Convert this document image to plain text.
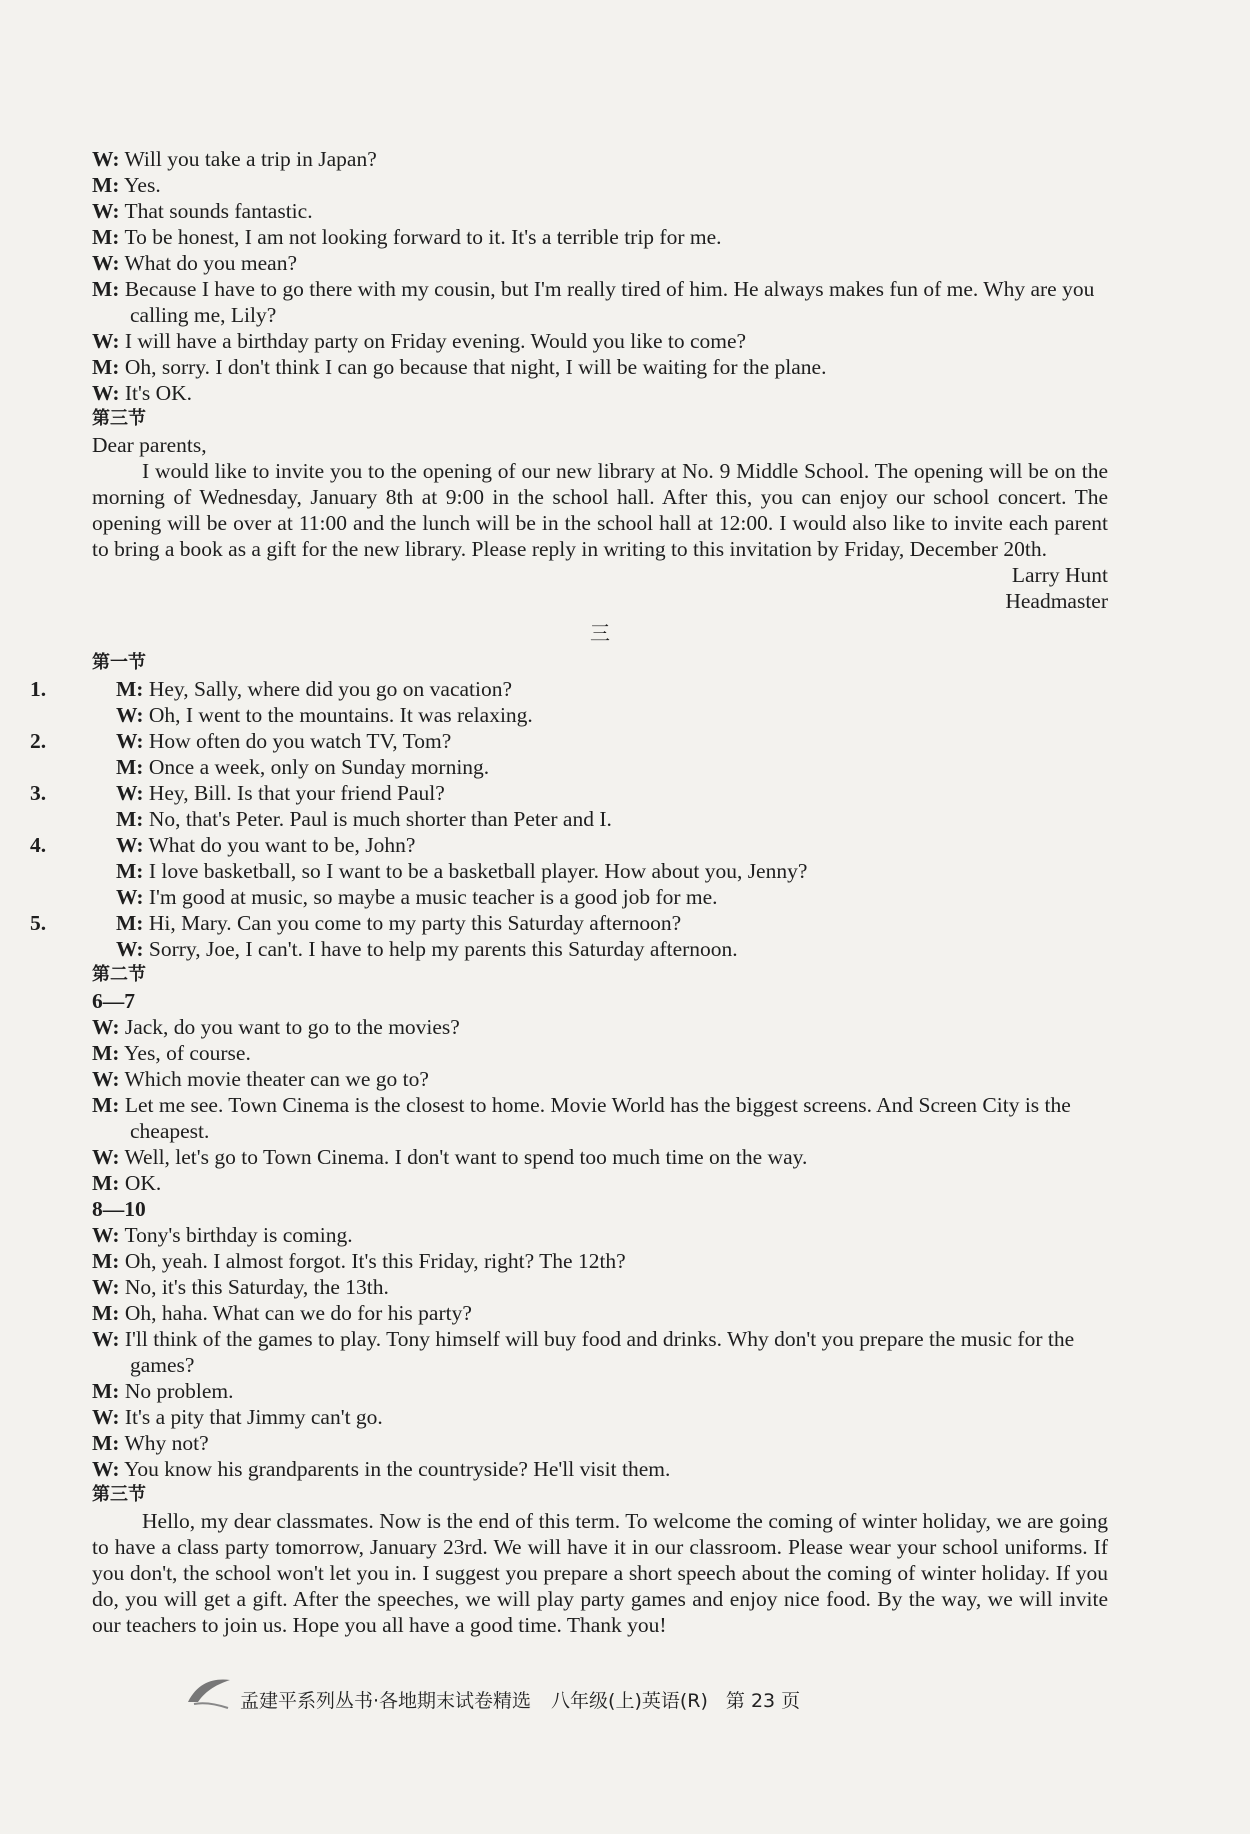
W: Will you take a trip in Japan?

M: Yes.

W: That sounds fantastic.

M: To be honest, I am not looking forward to it. It's a terrible trip for me.

W: What do you mean?

M: Because I have to go there with my cousin, but I'm really tired of him. He always makes fun of me. Why are you calling me, Lily?

W: I will have a birthday party on Friday evening. Would you like to come?

M: Oh, sorry. I don't think I can go because that night, I will be waiting for the plane.

W: It's OK.

第三节

Dear parents,

I would like to invite you to the opening of our new library at No. 9 Middle School. The opening will be on the morning of Wednesday, January 8th at 9:00 in the school hall. After this, you can enjoy our school concert. The opening will be over at 11:00 and the lunch will be in the school hall at 12:00. I would also like to invite each parent to bring a book as a gift for the new library. Please reply in writing to this invitation by Friday, December 20th.

Larry Hunt

Headmaster

三

第一节

1.	M: Hey, Sally, where did you go on vacation?

W: Oh, I went to the mountains. It was relaxing.

2.	W: How often do you watch TV, Tom?

M: Once a week, only on Sunday morning.

3.	W: Hey, Bill. Is that your friend Paul?

M: No, that's Peter. Paul is much shorter than Peter and I.

4.	W: What do you want to be, John?

M: I love basketball, so I want to be a basketball player. How about you, Jenny?

W: I'm good at music, so maybe a music teacher is a good job for me.

5.	M: Hi, Mary. Can you come to my party this Saturday afternoon?

W: Sorry, Joe, I can't. I have to help my parents this Saturday afternoon.

第二节

6—7

W: Jack, do you want to go to the movies?

M: Yes, of course.

W: Which movie theater can we go to?

M: Let me see. Town Cinema is the closest to home. Movie World has the biggest screens. And Screen City is the cheapest.

W: Well, let's go to Town Cinema. I don't want to spend too much time on the way.

M: OK.

8—10

W: Tony's birthday is coming.

M: Oh, yeah. I almost forgot. It's this Friday, right? The 12th?

W: No, it's this Saturday, the 13th.

M: Oh, haha. What can we do for his party?

W: I'll think of the games to play. Tony himself will buy food and drinks. Why don't you prepare the music for the games?

M: No problem.

W: It's a pity that Jimmy can't go.

M: Why not?

W: You know his grandparents in the countryside? He'll visit them.

第三节

Hello, my dear classmates. Now is the end of this term. To welcome the coming of winter holiday, we are going to have a class party tomorrow, January 23rd. We will have it in our classroom. Please wear your school uniforms. If you don't, the school won't let you in. I suggest you prepare a short speech about the coming of winter holiday. If you do, you will get a gift. After the speeches, we will play party games and enjoy nice food. By the way, we will invite our teachers to join us. Hope you all have a good time. Thank you!

孟建平系列丛书·各地期末试卷精选 八年级(上)英语(R) 第 23 页
